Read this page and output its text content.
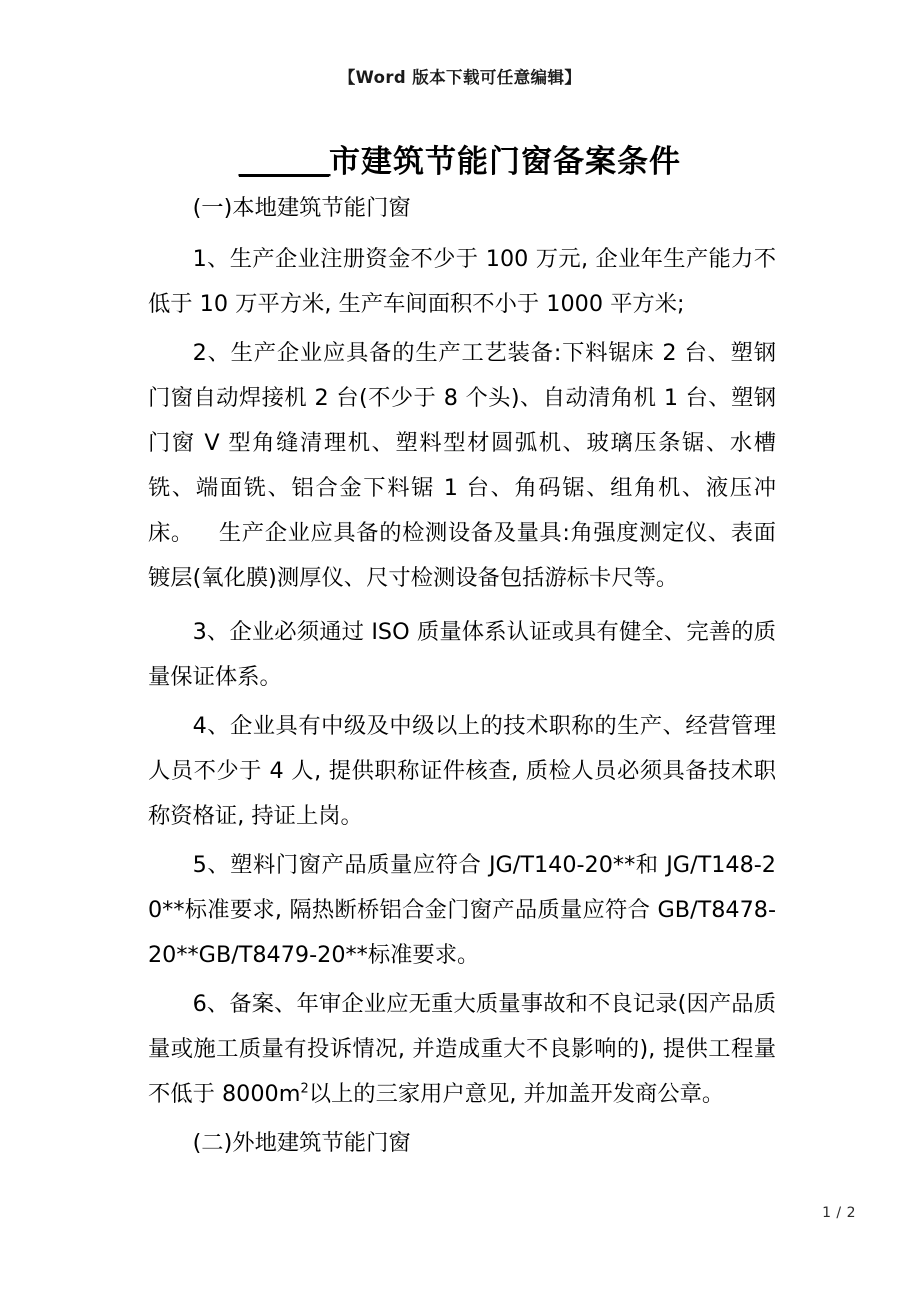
【Word 版本下载可任意编辑】
＿＿＿市建筑节能门窗备案条件

(一)本地建筑节能门窗

1、生产企业注册资金不少于 100 万元, 企业年生产能力不低于 10 万平方米, 生产车间面积不小于 1000 平方米;

2、生产企业应具备的生产工艺装备:下料锯床 2 台、塑钢门窗自动焊接机 2 台(不少于 8 个头)、自动清角机 1 台、塑钢门窗 V 型角缝清理机、塑料型材圆弧机、玻璃压条锯、水槽铣、端面铣、铝合金下料锯 1 台、角码锯、组角机、液压冲床。 生产企业应具备的检测设备及量具:角强度测定仪、表面镀层(氧化膜)测厚仪、尺寸检测设备包括游标卡尺等。

3、企业必须通过 ISO 质量体系认证或具有健全、完善的质量保证体系。

4、企业具有中级及中级以上的技术职称的生产、经营管理人员不少于 4 人, 提供职称证件核查, 质检人员必须具备技术职称资格证, 持证上岗。

5、塑料门窗产品质量应符合 JG/T140-20**和 JG/T148-20**标准要求, 隔热断桥铝合金门窗产品质量应符合 GB/T8478-20**GB/T8479-20**标准要求。

6、备案、年审企业应无重大质量事故和不良记录(因产品质量或施工质量有投诉情况, 并造成重大不良影响的), 提供工程量不低于 $8000m^2$以上的三家用户意见, 并加盖开发商公章。

(二)外地建筑节能门窗

1 / 2
